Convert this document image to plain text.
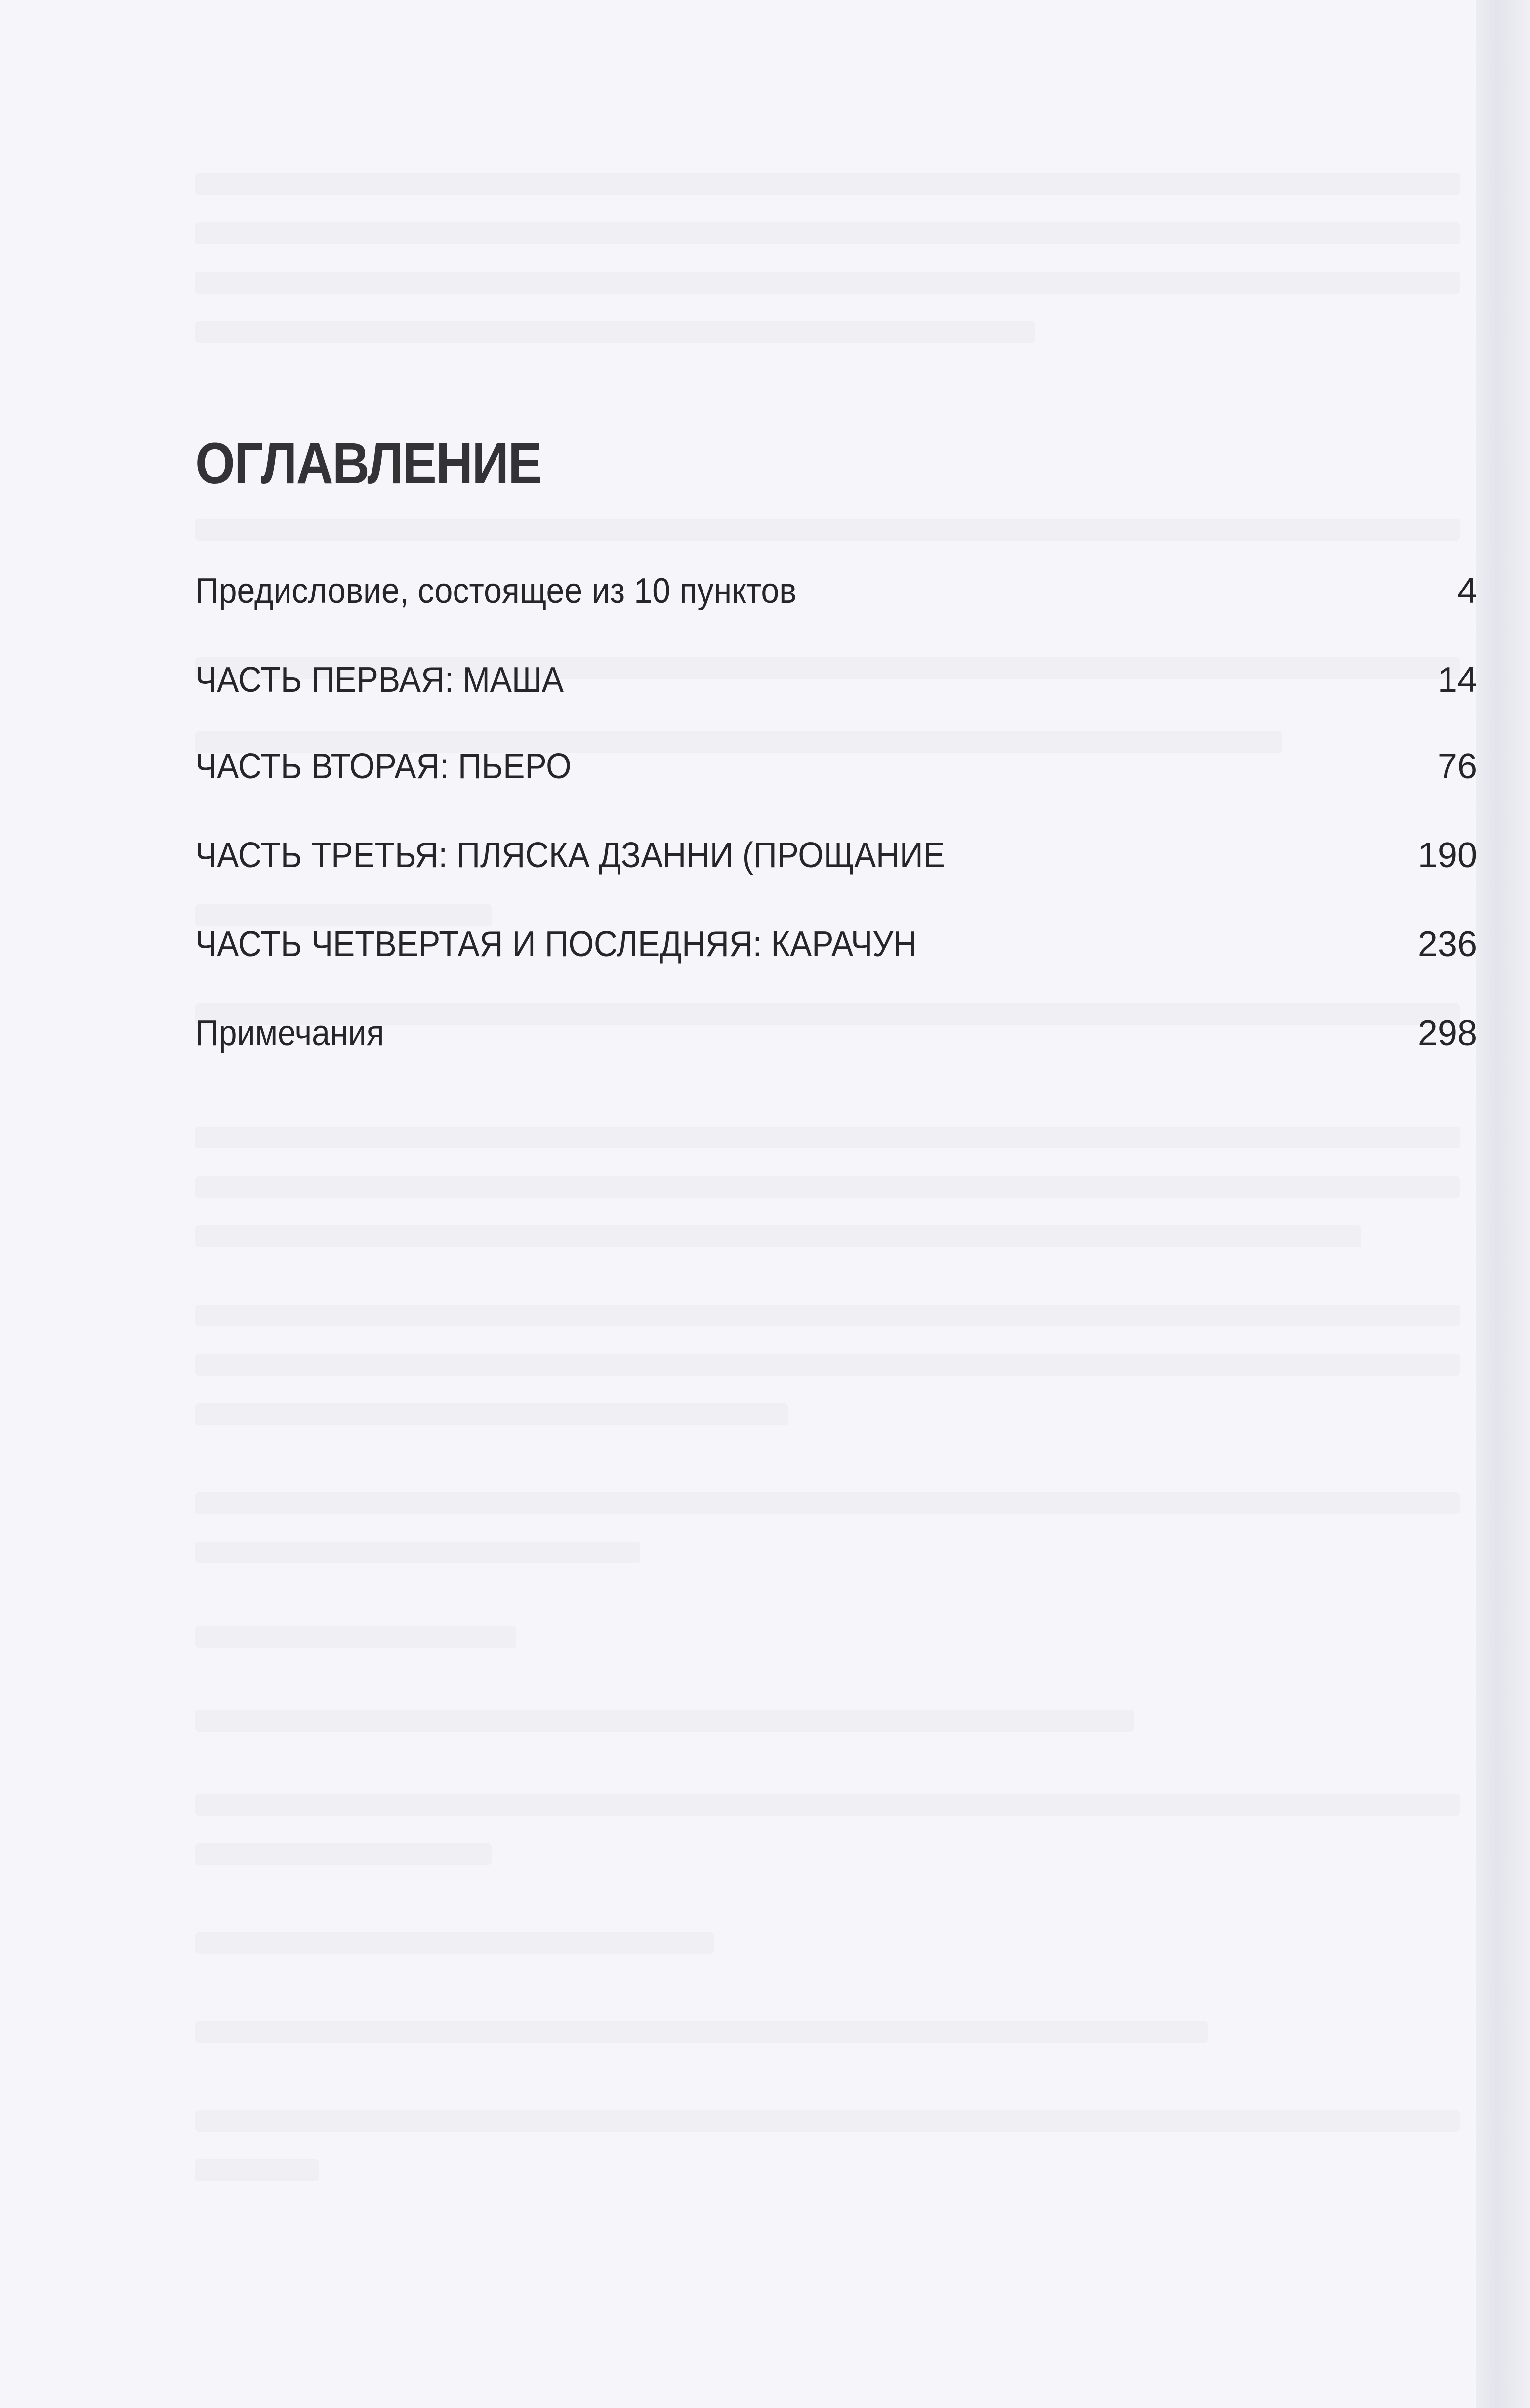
ОГЛАВЛЕНИЕ
Предисловие, состоящее из 10 пунктов	4
ЧАСТЬ ПЕРВАЯ: МАША	14
ЧАСТЬ ВТОРАЯ: ПЬЕРО	76
ЧАСТЬ ТРЕТЬЯ: ПЛЯСКА ДЗАННИ (ПРОЩАНИЕ	190
ЧАСТЬ ЧЕТВЕРТАЯ И ПОСЛЕДНЯЯ: КАРАЧУН	236
Примечания	298
